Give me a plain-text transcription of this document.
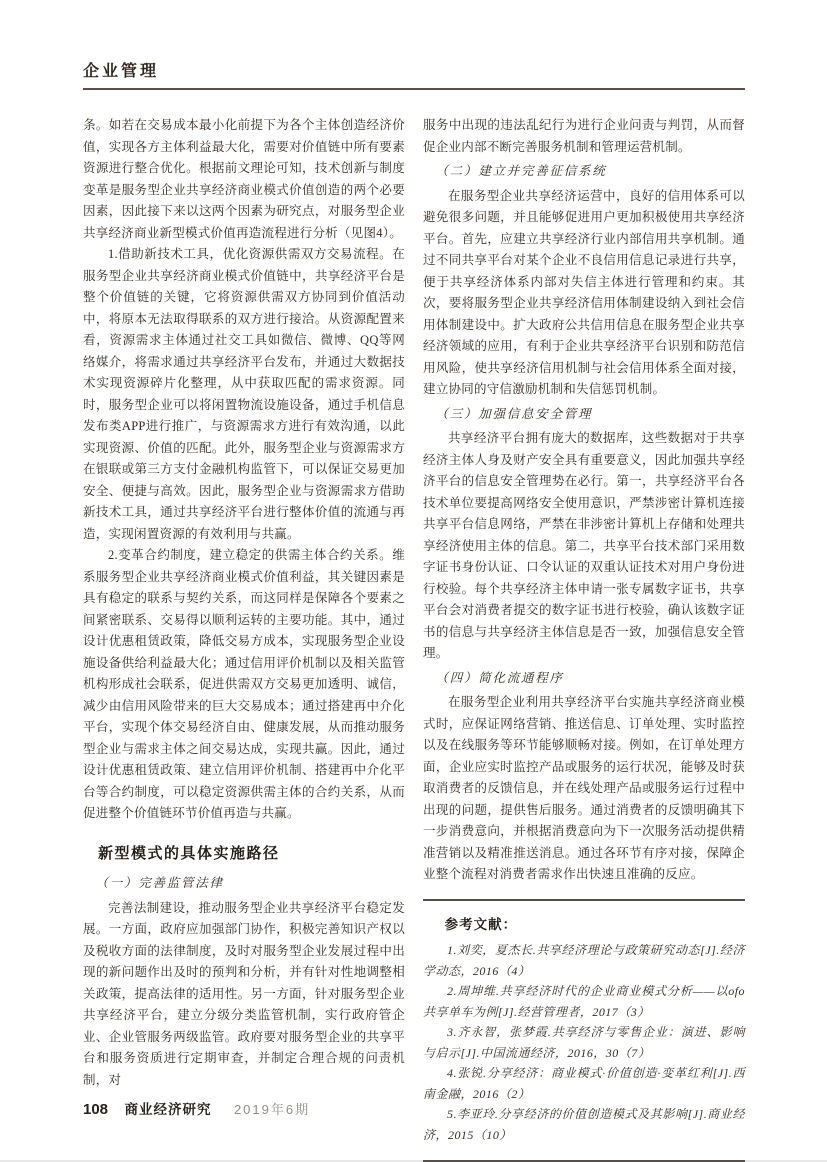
企业管理

条。如若在交易成本最小化前提下为各个主体创造经济价值，实现各方主体利益最大化，需要对价值链中所有要素资源进行整合优化。根据前文理论可知，技术创新与制度变革是服务型企业共享经济商业模式价值创造的两个必要因素，因此接下来以这两个因素为研究点，对服务型企业共享经济商业新型模式价值再造流程进行分析（见图4）。

1.借助新技术工具，优化资源供需双方交易流程。在服务型企业共享经济商业模式价值链中，共享经济平台是整个价值链的关键，它将资源供需双方协同到价值活动中，将原本无法取得联系的双方进行接洽。从资源配置来看，资源需求主体通过社交工具如微信、微博、QQ等网络媒介，将需求通过共享经济平台发布，并通过大数据技术实现资源碎片化整理，从中获取匹配的需求资源。同时，服务型企业可以将闲置物流设施设备，通过手机信息发布类APP进行推广，与资源需求方进行有效沟通，以此实现资源、价值的匹配。此外，服务型企业与资源需求方在银联或第三方支付金融机构监管下，可以保证交易更加安全、便捷与高效。因此，服务型企业与资源需求方借助新技术工具，通过共享经济平台进行整体价值的流通与再造，实现闲置资源的有效利用与共赢。

2.变革合约制度，建立稳定的供需主体合约关系。维系服务型企业共享经济商业模式价值利益，其关键因素是具有稳定的联系与契约关系，而这同样是保障各个要素之间紧密联系、交易得以顺利运转的主要功能。其中，通过设计优惠租赁政策，降低交易方成本，实现服务型企业设施设备供给利益最大化；通过信用评价机制以及相关监管机构形成社会联系，促进供需双方交易更加透明、诚信，减少由信用风险带来的巨大交易成本；通过搭建再中介化平台，实现个体交易经济自由、健康发展，从而推动服务型企业与需求主体之间交易达成，实现共赢。因此，通过设计优惠租赁政策、建立信用评价机制、搭建再中介化平台等合约制度，可以稳定资源供需主体的合约关系，从而促进整个价值链环节价值再造与共赢。

新型模式的具体实施路径
（一）完善监管法律

完善法制建设，推动服务型企业共享经济平台稳定发展。一方面，政府应加强部门协作，积极完善知识产权以及税收方面的法律制度，及时对服务型企业发展过程中出现的新问题作出及时的预判和分析，并有针对性地调整相关政策，提高法律的适用性。另一方面，针对服务型企业共享经济平台，建立分级分类监管机制，实行政府管企业、企业管服务两级监管。政府要对服务型企业的共享平台和服务资质进行定期审查，并制定合理合规的问责机制，对

服务中出现的违法乱纪行为进行企业问责与判罚，从而督促企业内部不断完善服务机制和管理运营机制。

（二）建立并完善征信系统

在服务型企业共享经济运营中，良好的信用体系可以避免很多问题，并且能够促进用户更加积极使用共享经济平台。首先，应建立共享经济行业内部信用共享机制。通过不同共享平台对某个企业不良信用信息记录进行共享，便于共享经济体系内部对失信主体进行管理和约束。其次，要将服务型企业共享经济信用体制建设纳入到社会信用体制建设中。扩大政府公共信用信息在服务型企业共享经济领域的应用，有利于企业共享经济平台识别和防范信用风险，使共享经济信用机制与社会信用体系全面对接，建立协同的守信激励机制和失信惩罚机制。

（三）加强信息安全管理

共享经济平台拥有庞大的数据库，这些数据对于共享经济主体人身及财产安全具有重要意义，因此加强共享经济平台的信息安全管理势在必行。第一，共享经济平台各技术单位要提高网络安全使用意识，严禁涉密计算机连接共享平台信息网络，严禁在非涉密计算机上存储和处理共享经济使用主体的信息。第二，共享平台技术部门采用数字证书身份认证、口令认证的双重认证技术对用户身份进行校验。每个共享经济主体申请一张专属数字证书，共享平台会对消费者提交的数字证书进行校验，确认该数字证书的信息与共享经济主体信息是否一致，加强信息安全管理。

（四）简化流通程序

在服务型企业利用共享经济平台实施共享经济商业模式时，应保证网络营销、推送信息、订单处理、实时监控以及在线服务等环节能够顺畅对接。例如，在订单处理方面，企业应实时监控产品或服务的运行状况，能够及时获取消费者的反馈信息，并在线处理产品或服务运行过程中出现的问题，提供售后服务。通过消费者的反馈明确其下一步消费意向，并根据消费意向为下一次服务活动提供精准营销以及精准推送消息。通过各环节有序对接，保障企业整个流程对消费者需求作出快速且准确的反应。

参考文献：

1.刘奕，夏杰长.共享经济理论与政策研究动态[J].经济学动态，2016（4）

2.周坤维.共享经济时代的企业商业模式分析——以ofo共享单车为例[J].经营管理者，2017（3）

3.齐永智，张梦霞.共享经济与零售企业：演进、影响与启示[J].中国流通经济，2016，30（7）

4.张锐.分享经济：商业模式·价值创造·变革红利[J].西南金融，2016（2）

5.李亚玲.分享经济的价值创造模式及其影响[J].商业经济，2015（10）

108 商业经济研究 2019年6期
